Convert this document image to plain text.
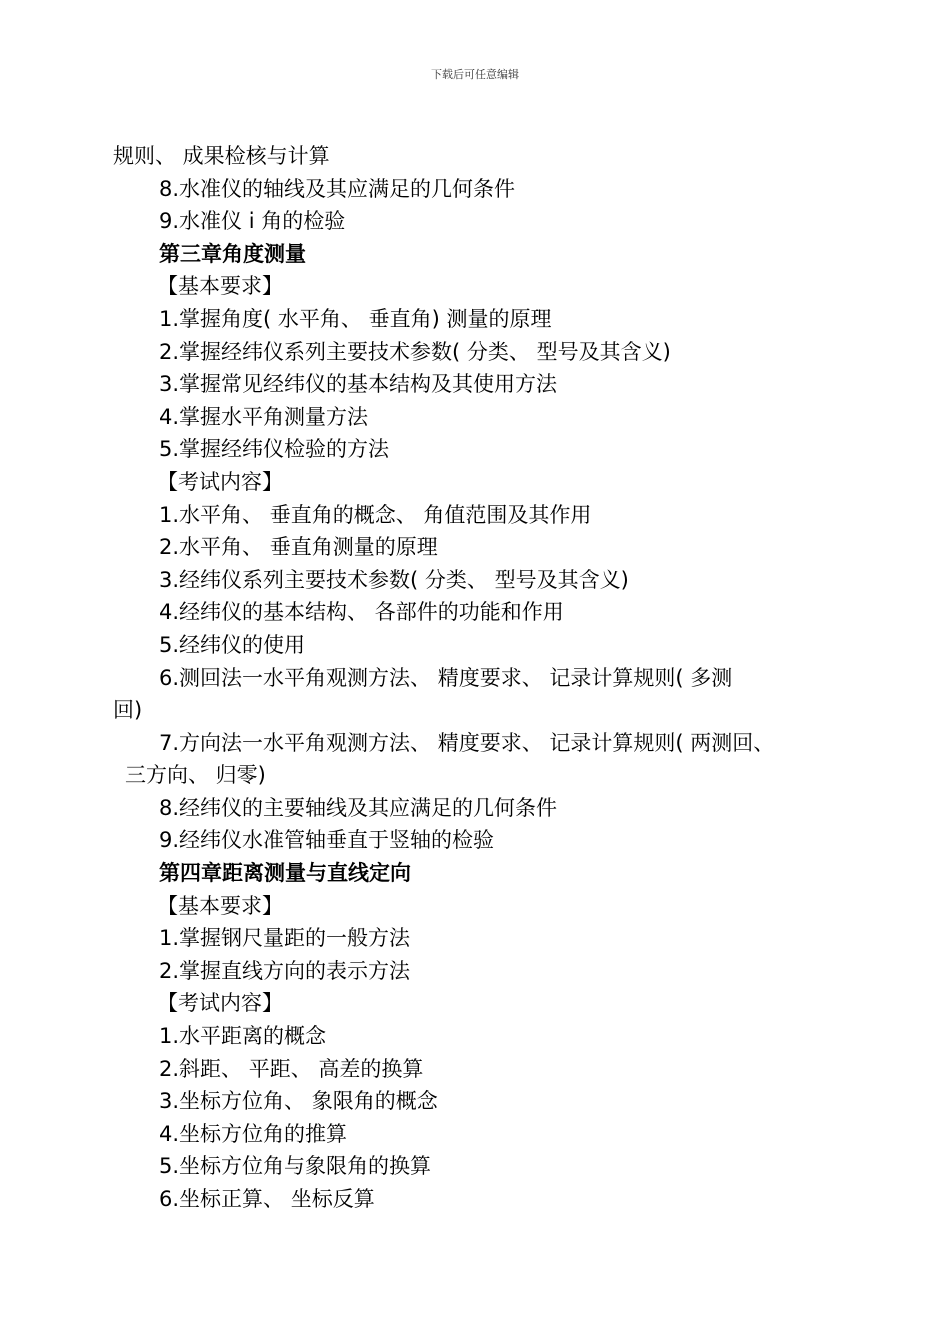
下载后可任意编辑
规则、 成果检核与计算
8.水准仪的轴线及其应满足的几何条件
9.水准仪 i 角的检验
第三章角度测量
【基本要求】
1.掌握角度( 水平角、 垂直角) 测量的原理
2.掌握经纬仪系列主要技术参数( 分类、 型号及其含义)
3.掌握常见经纬仪的基本结构及其使用方法
4.掌握水平角测量方法
5.掌握经纬仪检验的方法
【考试内容】
1.水平角、 垂直角的概念、 角值范围及其作用
2.水平角、 垂直角测量的原理
3.经纬仪系列主要技术参数( 分类、 型号及其含义)
4.经纬仪的基本结构、 各部件的功能和作用
5.经纬仪的使用
6.测回法一水平角观测方法、 精度要求、 记录计算规则( 多测
回)
7.方向法一水平角观测方法、 精度要求、 记录计算规则( 两测回、
三方向、 归零)
8.经纬仪的主要轴线及其应满足的几何条件
9.经纬仪水准管轴垂直于竖轴的检验
第四章距离测量与直线定向
【基本要求】
1.掌握钢尺量距的一般方法
2.掌握直线方向的表示方法
【考试内容】
1.水平距离的概念
2.斜距、 平距、 高差的换算
3.坐标方位角、 象限角的概念
4.坐标方位角的推算
5.坐标方位角与象限角的换算
6.坐标正算、 坐标反算
